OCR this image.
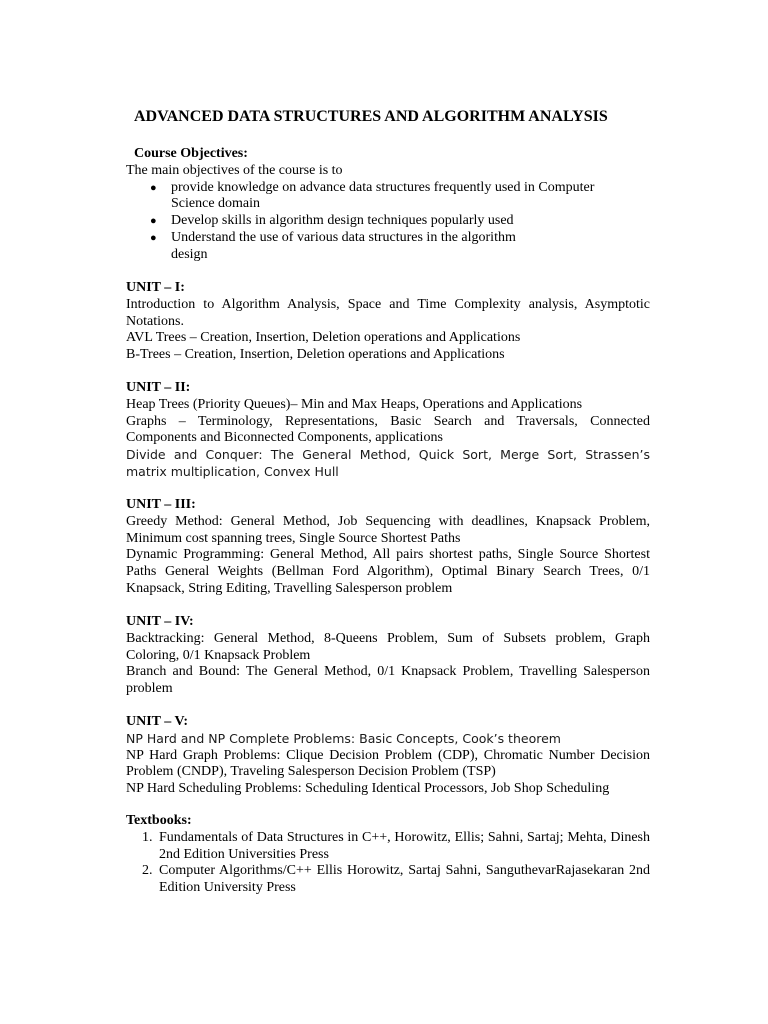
ADVANCED DATA STRUCTURES AND ALGORITHM ANALYSIS
Course Objectives:
The main objectives of the course is to
● provide knowledge on advance data structures frequently used in Computer
Science domain
● Develop skills in algorithm design techniques popularly used
● Understand the use of various data structures in the algorithm
design
UNIT – I:
Introduction to Algorithm Analysis, Space and Time Complexity analysis, Asymptotic Notations.
AVL Trees – Creation, Insertion, Deletion operations and Applications
B-Trees – Creation, Insertion, Deletion operations and Applications
UNIT – II:
Heap Trees (Priority Queues)– Min and Max Heaps, Operations and Applications
Graphs – Terminology, Representations, Basic Search and Traversals, Connected Components and Biconnected Components, applications
Divide and Conquer: The General Method, Quick Sort, Merge Sort, Strassen’s matrix multiplication, Convex Hull
UNIT – III:
Greedy Method: General Method, Job Sequencing with deadlines, Knapsack Problem, Minimum cost spanning trees, Single Source Shortest Paths
Dynamic Programming: General Method, All pairs shortest paths, Single Source Shortest Paths General Weights (Bellman Ford Algorithm), Optimal Binary Search Trees, 0/1 Knapsack, String Editing, Travelling Salesperson problem
UNIT – IV:
Backtracking: General Method, 8-Queens Problem, Sum of Subsets problem, Graph Coloring, 0/1 Knapsack Problem
Branch and Bound: The General Method, 0/1 Knapsack Problem, Travelling Salesperson problem
UNIT – V:
NP Hard and NP Complete Problems: Basic Concepts, Cook’s theorem
NP Hard Graph Problems: Clique Decision Problem (CDP), Chromatic Number Decision Problem (CNDP), Traveling Salesperson Decision Problem (TSP)
NP Hard Scheduling Problems: Scheduling Identical Processors, Job Shop Scheduling
Textbooks:
1. Fundamentals of Data Structures in C++, Horowitz, Ellis; Sahni, Sartaj; Mehta, Dinesh 2nd Edition Universities Press
2. Computer Algorithms/C++ Ellis Horowitz, Sartaj Sahni, SanguthevarRajasekaran 2nd Edition University Press
